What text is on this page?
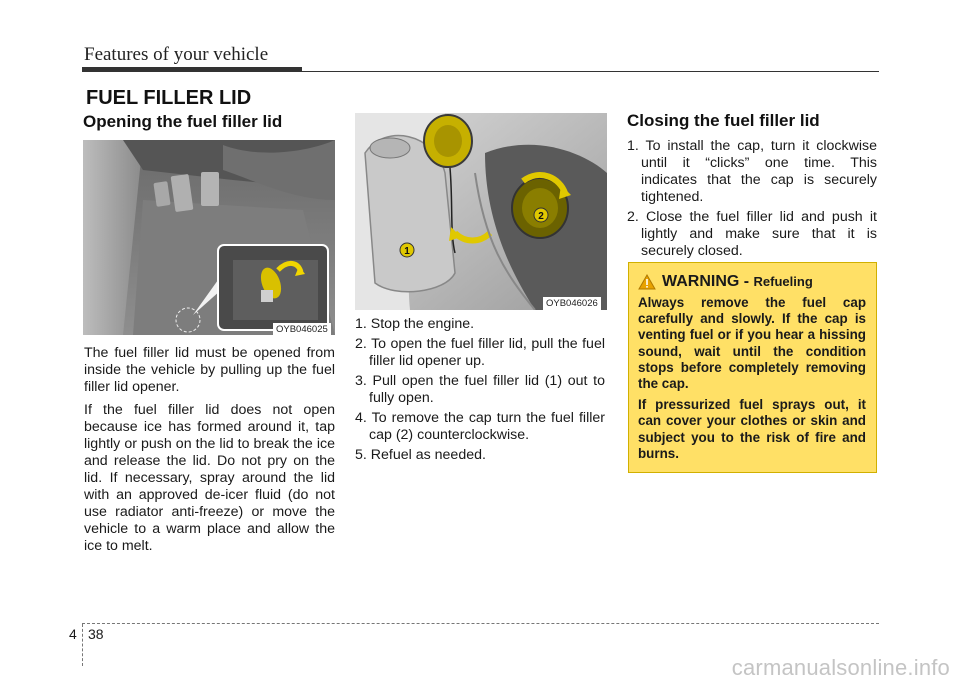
Features of your vehicle
FUEL FILLER LID
Opening the fuel filler lid
OYB046025

The fuel filler lid must be opened from inside the vehicle by pulling up the fuel filler lid opener.

If the fuel filler lid does not open because ice has formed around it, tap lightly or push on the lid to break the ice and release the lid. Do not pry on the lid. If necessary, spray around the lid with an approved de-icer fluid (do not use radiator anti-freeze) or move the vehicle to a warm place and allow the ice to melt.

1
2
OYB046026
1. Stop the engine.
2. To open the fuel filler lid, pull the fuel filler lid opener up.
3. Pull open the fuel filler lid (1) out to fully open.
4. To remove the cap turn the fuel filler cap (2) counterclockwise.
5. Refuel as needed.
Closing the fuel filler lid
1. To install the cap, turn it clockwise until it “clicks” one time. This indicates that the cap is securely tightened.
2. Close the fuel filler lid and push it lightly and make sure that it is securely closed.
WARNING - Refueling

Always remove the fuel cap carefully and slowly. If the cap is venting fuel or if you hear a hissing sound, wait until the condition stops before completely removing the cap.

If pressurized fuel sprays out, it can cover your clothes or skin and subject you to the risk of fire and burns.

4 38
carmanualsonline.info
